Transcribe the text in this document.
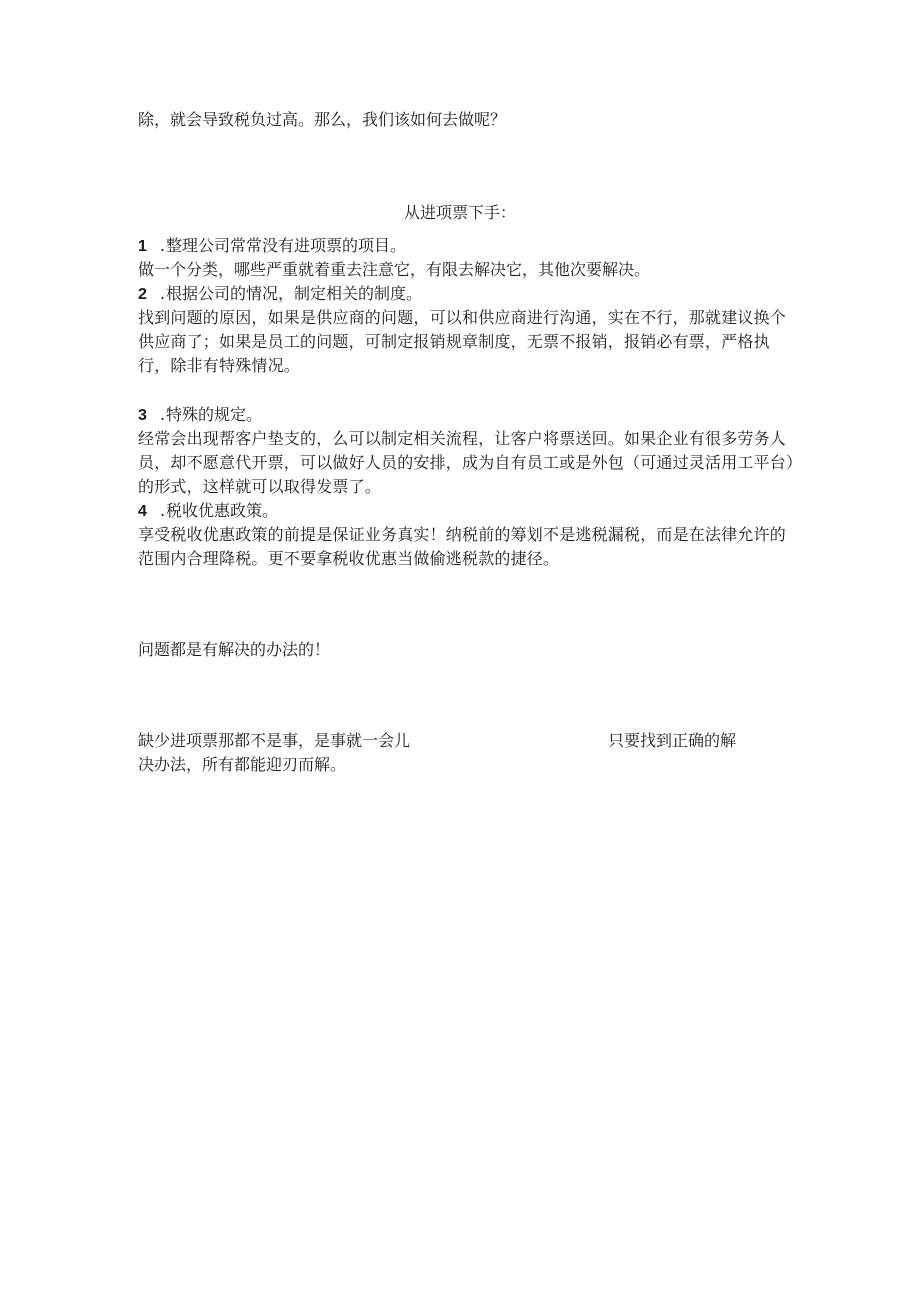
除，就会导致税负过高。那么，我们该如何去做呢？
从进项票下手：
1 .整理公司常常没有进项票的项目。
做一个分类，哪些严重就着重去注意它，有限去解决它，其他次要解决。
2 .根据公司的情况，制定相关的制度。
找到问题的原因，如果是供应商的问题，可以和供应商进行沟通，实在不行，那就建议换个供应商了；如果是员工的问题，可制定报销规章制度，无票不报销，报销必有票，严格执行，除非有特殊情况。
3 .特殊的规定。
经常会出现帮客户垫支的，么可以制定相关流程，让客户将票送回。如果企业有很多劳务人员，却不愿意代开票，可以做好人员的安排，成为自有员工或是外包（可通过灵活用工平台）的形式，这样就可以取得发票了。
4 .税收优惠政策。
享受税收优惠政策的前提是保证业务真实！纳税前的筹划不是逃税漏税，而是在法律允许的范围内合理降税。更不要拿税收优惠当做偷逃税款的捷径。
问题都是有解决的办法的！
缺少进项票那都不是事，是事就一会儿	只要找到正确的解
决办法，所有都能迎刃而解。
